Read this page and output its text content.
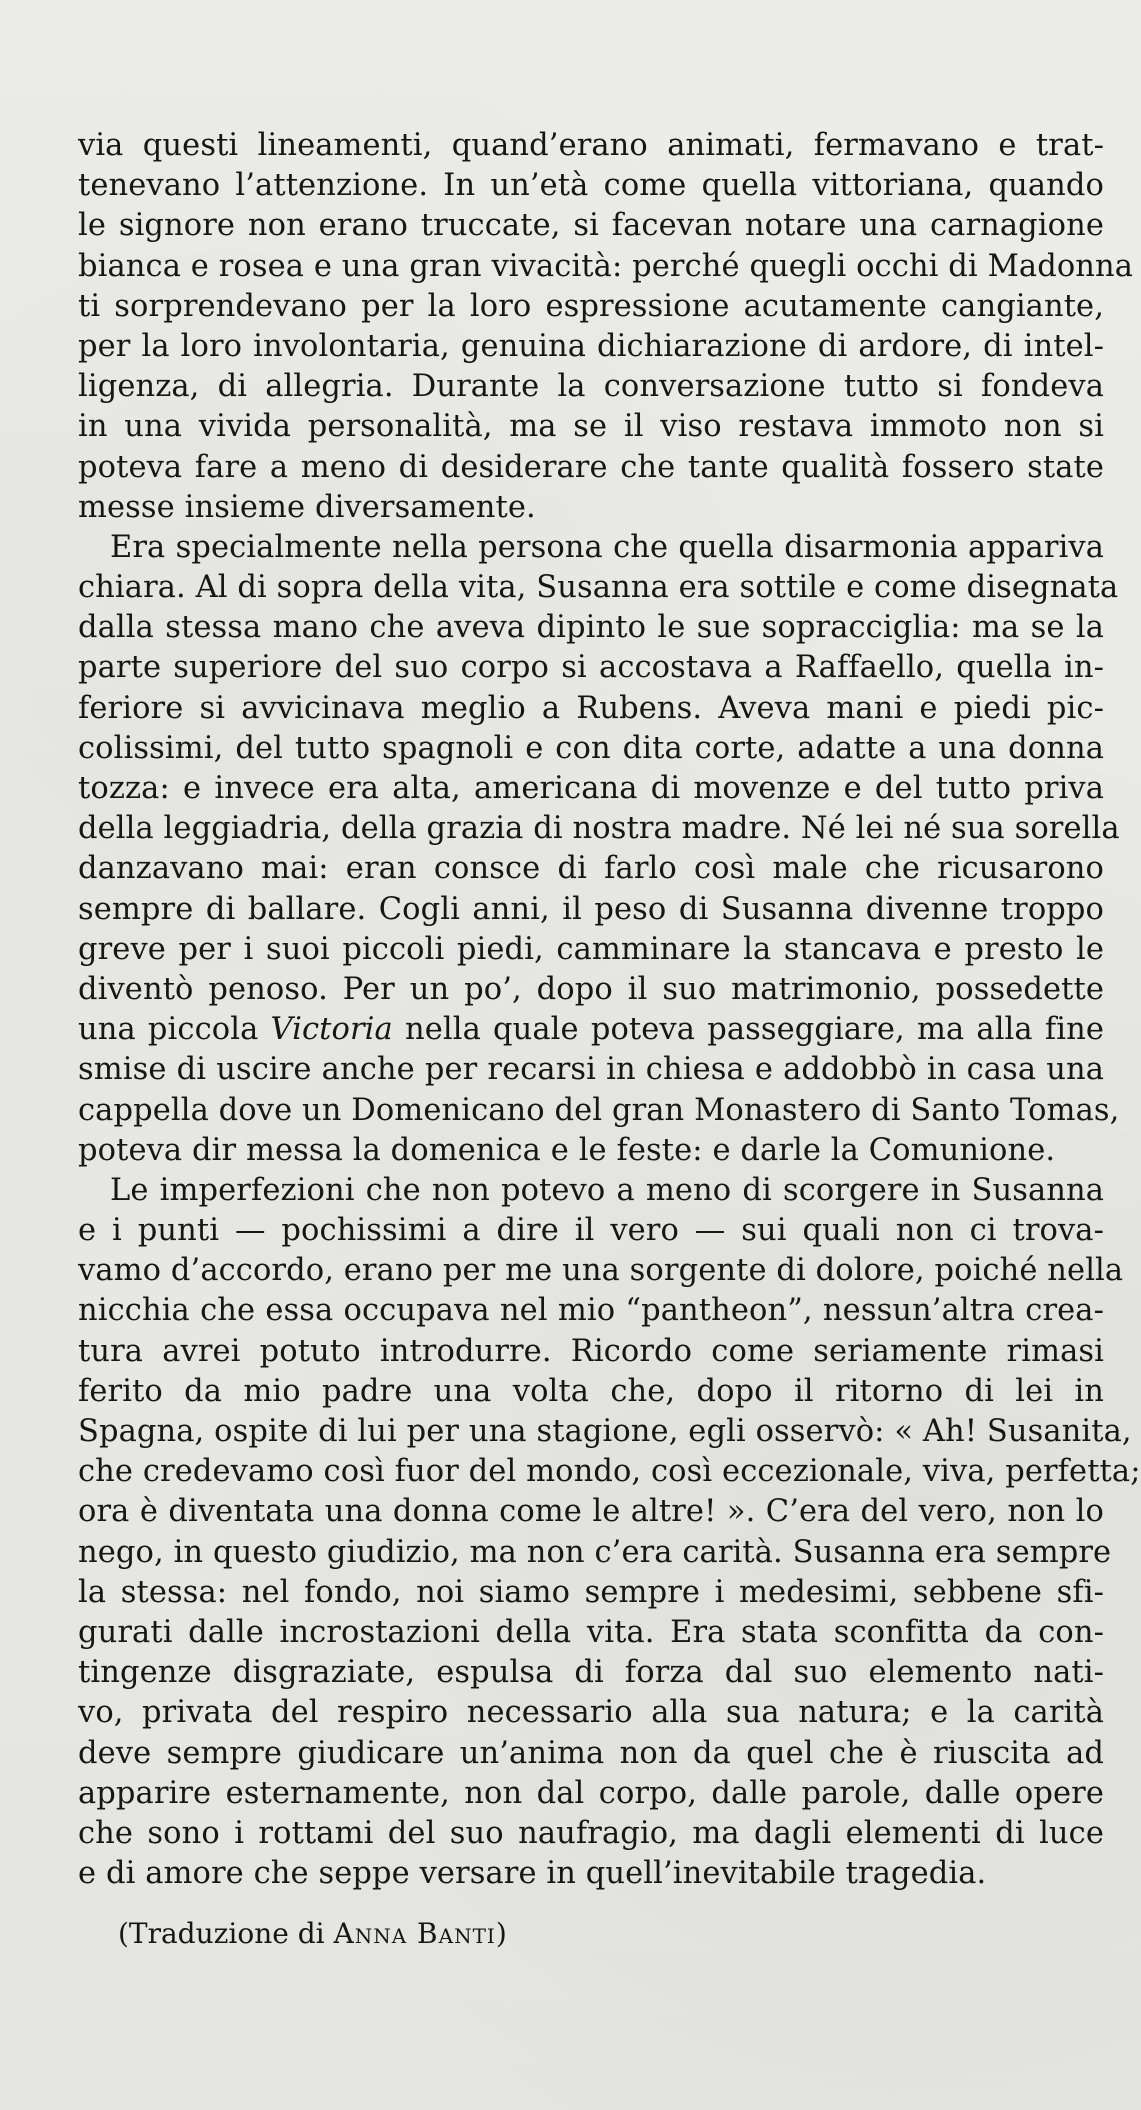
via questi lineamenti, quand’erano animati, fermavano e trat-
tenevano l’attenzione. In un’età come quella vittoriana, quando
le signore non erano truccate, si facevan notare una carnagione
bianca e rosea e una gran vivacità: perché quegli occhi di Madonna
ti sorprendevano per la loro espressione acutamente cangiante,
per la loro involontaria, genuina dichiarazione di ardore, di intel-
ligenza, di allegria. Durante la conversazione tutto si fondeva
in una vivida personalità, ma se il viso restava immoto non si
poteva fare a meno di desiderare che tante qualità fossero state
messe insieme diversamente.
Era specialmente nella persona che quella disarmonia appariva
chiara. Al di sopra della vita, Susanna era sottile e come disegnata
dalla stessa mano che aveva dipinto le sue sopracciglia: ma se la
parte superiore del suo corpo si accostava a Raffaello, quella in-
feriore si avvicinava meglio a Rubens. Aveva mani e piedi pic-
colissimi, del tutto spagnoli e con dita corte, adatte a una donna
tozza: e invece era alta, americana di movenze e del tutto priva
della leggiadria, della grazia di nostra madre. Né lei né sua sorella
danzavano mai: eran consce di farlo così male che ricusarono
sempre di ballare. Cogli anni, il peso di Susanna divenne troppo
greve per i suoi piccoli piedi, camminare la stancava e presto le
diventò penoso. Per un po’, dopo il suo matrimonio, possedette
una piccola Victoria nella quale poteva passeggiare, ma alla fine
smise di uscire anche per recarsi in chiesa e addobbò in casa una
cappella dove un Domenicano del gran Monastero di Santo Tomas,
poteva dir messa la domenica e le feste: e darle la Comunione.
Le imperfezioni che non potevo a meno di scorgere in Susanna
e i punti — pochissimi a dire il vero — sui quali non ci trova-
vamo d’accordo, erano per me una sorgente di dolore, poiché nella
nicchia che essa occupava nel mio “pantheon”, nessun’altra crea-
tura avrei potuto introdurre. Ricordo come seriamente rimasi
ferito da mio padre una volta che, dopo il ritorno di lei in
Spagna, ospite di lui per una stagione, egli osservò: « Ah! Susanita,
che credevamo così fuor del mondo, così eccezionale, viva, perfetta;
ora è diventata una donna come le altre! ». C’era del vero, non lo
nego, in questo giudizio, ma non c’era carità. Susanna era sempre
la stessa: nel fondo, noi siamo sempre i medesimi, sebbene sfi-
gurati dalle incrostazioni della vita. Era stata sconfitta da con-
tingenze disgraziate, espulsa di forza dal suo elemento nati-
vo, privata del respiro necessario alla sua natura; e la carità
deve sempre giudicare un’anima non da quel che è riuscita ad
apparire esternamente, non dal corpo, dalle parole, dalle opere
che sono i rottami del suo naufragio, ma dagli elementi di luce
e di amore che seppe versare in quell’inevitabile tragedia.
(Traduzione di Anna Banti)
